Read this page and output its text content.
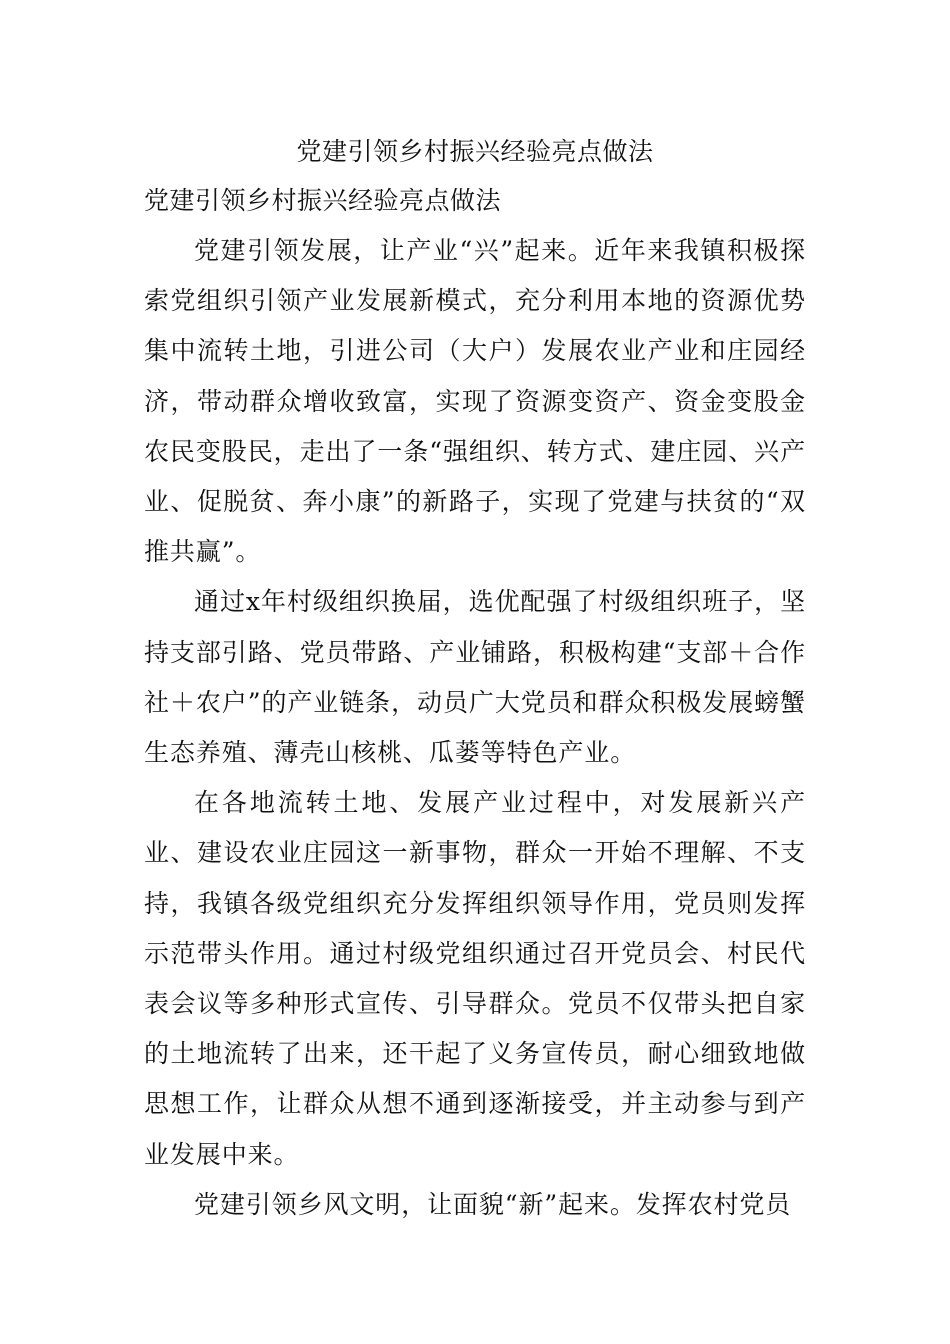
党建引领乡村振兴经验亮点做法
党建引领乡村振兴经验亮点做法

党建引领发展，让产业“兴”起来。近年来我镇积极探索党组织引领产业发展新模式，充分利用本地的资源优势集中流转土地，引进公司（大户）发展农业产业和庄园经济，带动群众增收致富，实现了资源变资产、资金变股金农民变股民，走出了一条“强组织、转方式、建庄园、兴产业、促脱贫、奔小康”的新路子，实现了党建与扶贫的“双推共赢”。

通过x年村级组织换届，选优配强了村级组织班子，坚持支部引路、党员带路、产业铺路，积极构建“支部＋合作社＋农户”的产业链条，动员广大党员和群众积极发展螃蟹生态养殖、薄壳山核桃、瓜蒌等特色产业。

在各地流转土地、发展产业过程中，对发展新兴产业、建设农业庄园这一新事物，群众一开始不理解、不支持，我镇各级党组织充分发挥组织领导作用，党员则发挥示范带头作用。通过村级党组织通过召开党员会、村民代表会议等多种形式宣传、引导群众。党员不仅带头把自家的土地流转了出来，还干起了义务宣传员，耐心细致地做思想工作，让群众从想不通到逐渐接受，并主动参与到产业发展中来。

党建引领乡风文明，让面貌“新”起来。发挥农村党员
